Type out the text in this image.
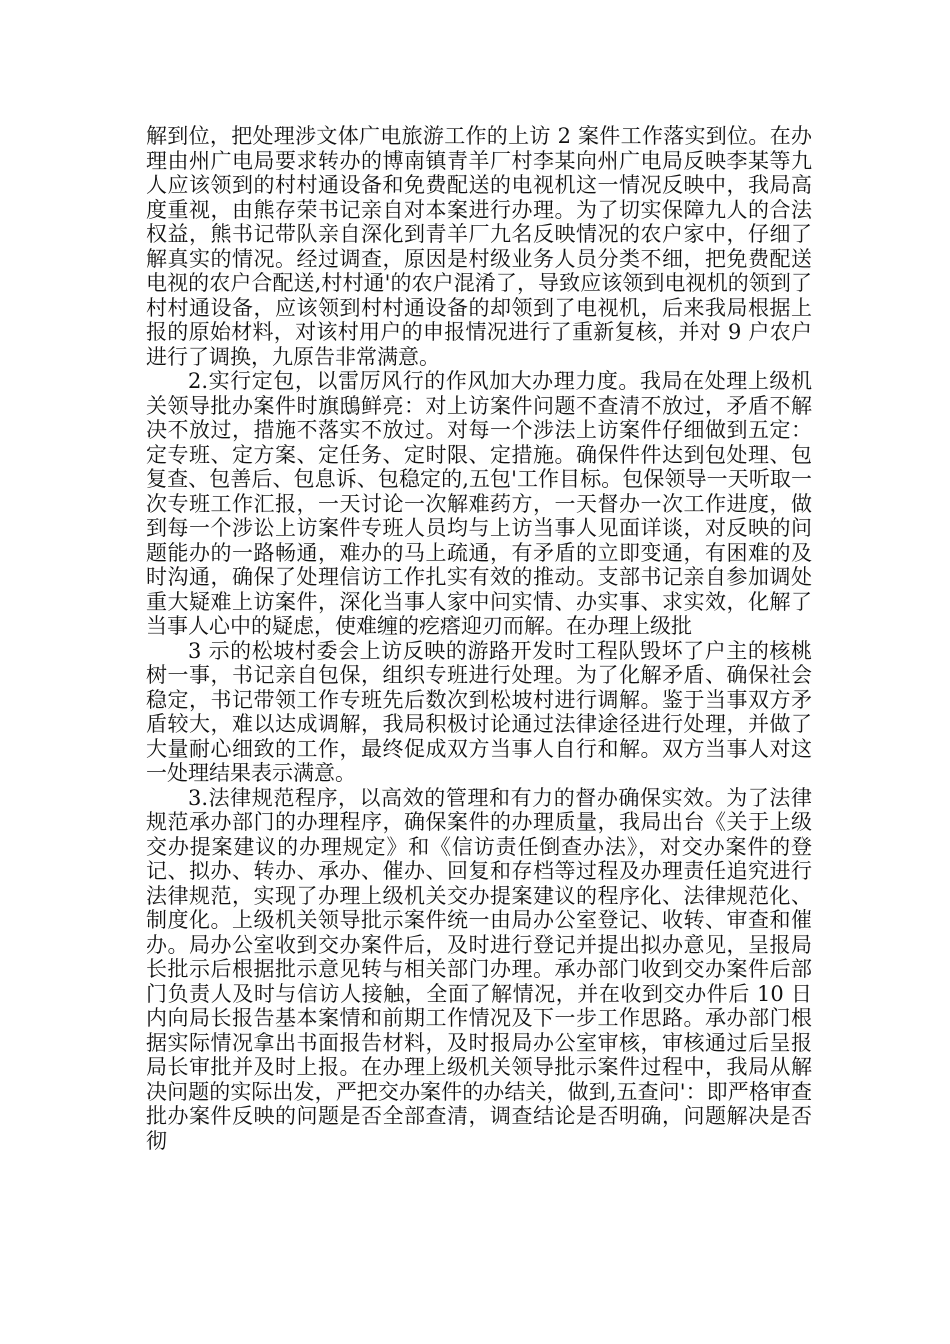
解到位，把处理涉文体广电旅游工作的上访 2 案件工作落实到位。在办理由州广电局要求转办的博南镇青羊厂村李某向州广电局反映李某等九人应该领到的村村通设备和免费配送的电视机这一情况反映中，我局高度重视，由熊存荣书记亲自对本案进行办理。为了切实保障九人的合法权益，熊书记带队亲自深化到青羊厂九名反映情况的农户家中，仔细了解真实的情况。经过调查，原因是村级业务人员分类不细，把免费配送电视的农户合配送,村村通'的农户混淆了，导致应该领到电视机的领到了村村通设备，应该领到村村通设备的却领到了电视机，后来我局根据上报的原始材料，对该村用户的申报情况进行了重新复核，并对 9 户农户进行了调换，九原告非常满意。

2.实行定包，以雷厉风行的作风加大办理力度。我局在处理上级机关领导批办案件时旗䲭鲜亮：对上访案件问题不查清不放过，矛盾不解决不放过，措施不落实不放过。对每一个涉法上访案件仔细做到五定：定专班、定方案、定任务、定时限、定措施。确保件件达到包处理、包复查、包善后、包息诉、包稳定的,五包'工作目标。包保领导一天听取一次专班工作汇报，一天讨论一次解难药方，一天督办一次工作进度，做到每一个涉讼上访案件专班人员均与上访当事人见面详谈，对反映的问题能办的一路畅通，难办的马上疏通，有矛盾的立即变通，有困难的及时沟通，确保了处理信访工作扎实有效的推动。支部书记亲自参加调处重大疑难上访案件，深化当事人家中问实情、办实事、求实效，化解了当事人心中的疑虑，使难缠的疙瘩迎刃而解。在办理上级批

3 示的松坡村委会上访反映的游路开发时工程队毁坏了户主的核桃树一事，书记亲自包保，组织专班进行处理。为了化解矛盾、确保社会稳定，书记带领工作专班先后数次到松坡村进行调解。鉴于当事双方矛盾较大，难以达成调解，我局积极讨论通过法律途径进行处理，并做了大量耐心细致的工作，最终促成双方当事人自行和解。双方当事人对这一处理结果表示满意。

3.法律规范程序，以高效的管理和有力的督办确保实效。为了法律规范承办部门的办理程序，确保案件的办理质量，我局出台《关于上级交办提案建议的办理规定》和《信访责任倒查办法》，对交办案件的登记、拟办、转办、承办、催办、回复和存档等过程及办理责任追究进行法律规范，实现了办理上级机关交办提案建议的程序化、法律规范化、制度化。上级机关领导批示案件统一由局办公室登记、收转、审查和催办。局办公室收到交办案件后，及时进行登记并提出拟办意见，呈报局长批示后根据批示意见转与相关部门办理。承办部门收到交办案件后部门负责人及时与信访人接触，全面了解情况，并在收到交办件后 10 日内向局长报告基本案情和前期工作情况及下一步工作思路。承办部门根据实际情况拿出书面报告材料，及时报局办公室审核，审核通过后呈报局长审批并及时上报。在办理上级机关领导批示案件过程中，我局从解决问题的实际出发，严把交办案件的办结关，做到,五查问'：即严格审查批办案件反映的问题是否全部查清，调查结论是否明确，问题解决是否彻
